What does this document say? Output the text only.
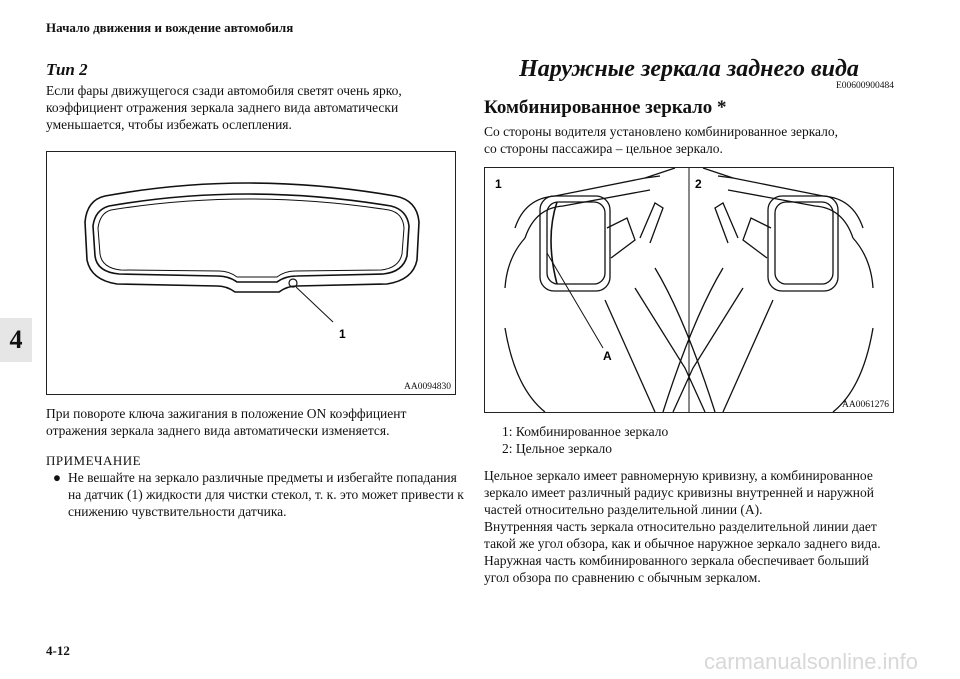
Начало движения и вождение автомобиля
4
Тип 2

Если фары движущегося сзади автомобиля светят очень ярко, коэффициент отражения зеркала заднего вида автоматически уменьшается, чтобы избежать ослепления.

1
AA0094830

При повороте ключа зажигания в положение ON коэффициент отражения зеркала заднего вида автоматически изменяется.

ПРИМЕЧАНИЕ
● Не вешайте на зеркало различные предметы и избегайте попадания на датчик (1) жидкости для чистки стекол, т. к. это может привести к снижению чувствительности датчика.
Наружные зеркала заднего вида
E00600900484
Комбинированное зеркало *

Со стороны водителя установлено комбинированное зеркало,
со стороны пассажира – цельное зеркало.

1	2
A
AA0061276
1: Комбинированное зеркало
2: Цельное зеркало

Цельное зеркало имеет равномерную кривизну, а комбинированное зеркало имеет различный радиус кривизны внутренней и наружной частей относительно разделительной линии (A).

Внутренняя часть зеркала относительно разделительной линии дает такой же угол обзора, как и обычное наружное зеркало заднего вида.

Наружная часть комбинированного зеркала обеспечивает больший угол обзора по сравнению с обычным зеркалом.

4-12	carmanualsonline.info
